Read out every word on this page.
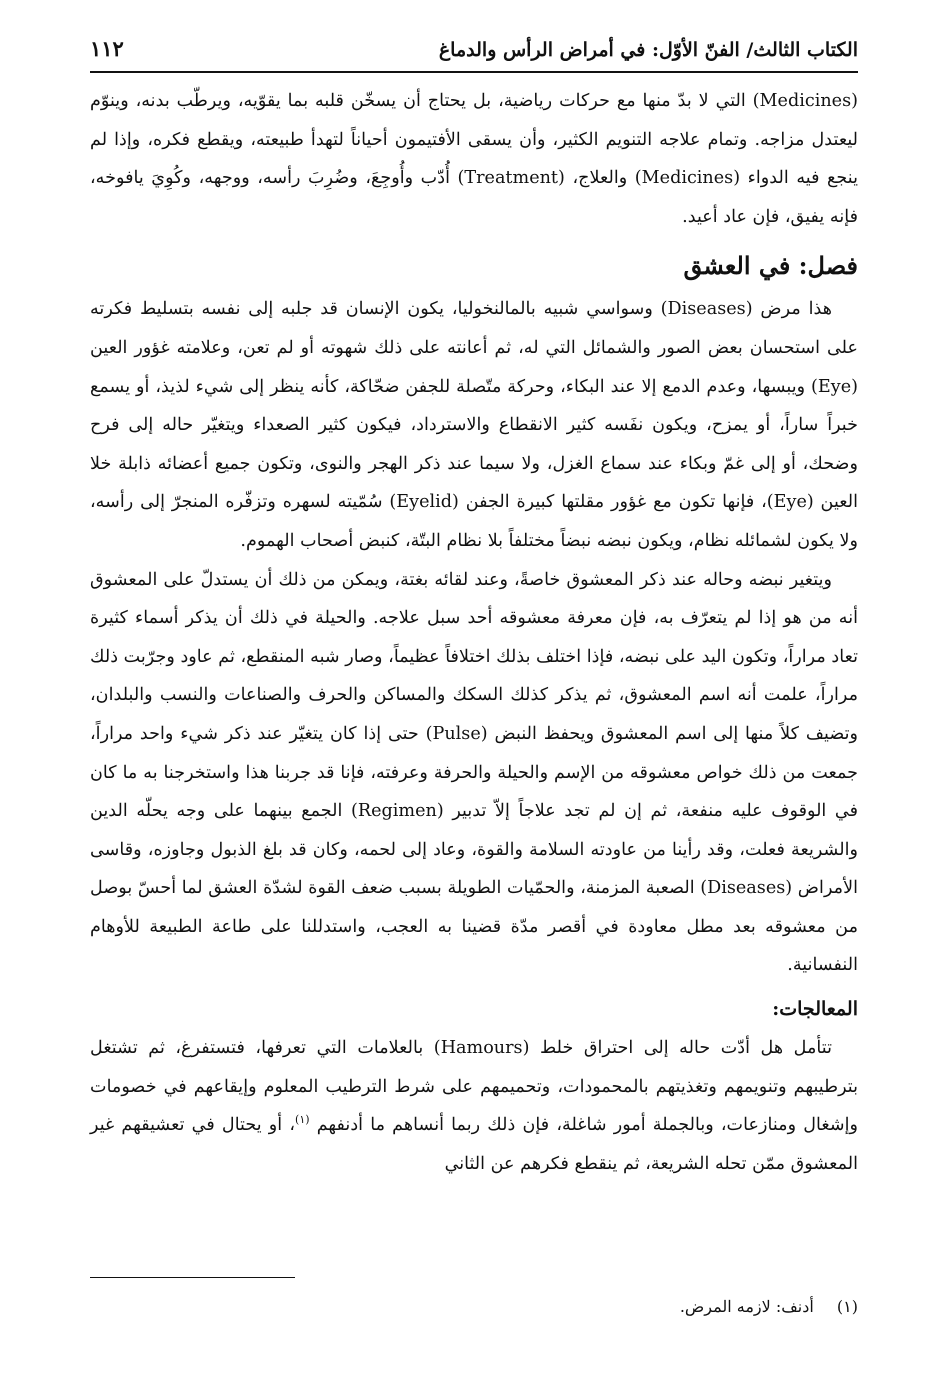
الكتاب الثالث/ الفنّ الأوّل: في أمراض الرأس والدماغ
١١٢

(Medicines) التي لا بدّ منها مع حركات رياضية، بل يحتاج أن يسخّن قلبه بما يقوّيه، ويرطّب بدنه، وينوّم ليعتدل مزاجه. وتمام علاجه التنويم الكثير، وأن يسقى الأفتيمون أحياناً لتهدأ طبيعته، ويقطع فكره، وإذا لم ينجع فيه الدواء (Medicines) والعلاج، (Treatment) أُدّب وأُوجِعَ، وضُرِبَ رأسه، ووجهه، وكُوِيَ يافوخه، فإنه يفيق، فإن عاد أعيد.

فصل: في العشق

هذا مرض (Diseases) وسواسي شبيه بالمالنخوليا، يكون الإنسان قد جلبه إلى نفسه بتسليط فكرته على استحسان بعض الصور والشمائل التي له، ثم أعانته على ذلك شهوته أو لم تعن، وعلامته غؤور العين (Eye) ويبسها، وعدم الدمع إلا عند البكاء، وحركة متّصلة للجفن ضحّاكة، كأنه ينظر إلى شيء لذيذ، أو يسمع خبراً ساراً، أو يمزح، ويكون نفَسه كثير الانقطاع والاسترداد، فيكون كثير الصعداء ويتغيّر حاله إلى فرح وضحك، أو إلى غمّ وبكاء عند سماع الغزل، ولا سيما عند ذكر الهجر والنوى، وتكون جميع أعضائه ذابلة خلا العين (Eye)، فإنها تكون مع غؤور مقلتها كبيرة الجفن (Eyelid) سُمّيته لسهره وتزفّره المنجرّ إلى رأسه، ولا يكون لشمائله نظام، ويكون نبضه نبضاً مختلفاً بلا نظام البتّة، كنبض أصحاب الهموم.

ويتغير نبضه وحاله عند ذكر المعشوق خاصةً، وعند لقائه بغتة، ويمكن من ذلك أن يستدلّ على المعشوق أنه من هو إذا لم يتعرّف به، فإن معرفة معشوقه أحد سبل علاجه. والحيلة في ذلك أن يذكر أسماء كثيرة تعاد مراراً، وتكون اليد على نبضه، فإذا اختلف بذلك اختلافاً عظيماً، وصار شبه المنقطع، ثم عاود وجرّبت ذلك مراراً، علمت أنه اسم المعشوق، ثم يذكر كذلك السكك والمساكن والحرف والصناعات والنسب والبلدان، وتضيف كلاً منها إلى اسم المعشوق ويحفظ النبض (Pulse) حتى إذا كان يتغيّر عند ذكر شيء واحد مراراً، جمعت من ذلك خواص معشوقه من الإسم والحيلة والحرفة وعرفته، فإنا قد جربنا هذا واستخرجنا به ما كان في الوقوف عليه منفعة، ثم إن لم تجد علاجاً إلاّ تدبير (Regimen) الجمع بينهما على وجه يحلّه الدين والشريعة فعلت، وقد رأينا من عاودته السلامة والقوة، وعاد إلى لحمه، وكان قد بلغ الذبول وجاوزه، وقاسى الأمراض (Diseases) الصعبة المزمنة، والحمّيات الطويلة بسبب ضعف القوة لشدّة العشق لما أحسّ بوصل من معشوقه بعد مطل معاودة في أقصر مدّة قضينا به العجب، واستدللنا على طاعة الطبيعة للأوهام النفسانية.

المعالجات:

تتأمل هل أدّت حاله إلى احتراق خلط (Hamours) بالعلامات التي تعرفها، فتستفرغ، ثم تشتغل بترطيبهم وتنويمهم وتغذيتهم بالمحمودات، وتحميمهم على شرط الترطيب المعلوم وإيقاعهم في خصومات وإشغال ومنازعات، وبالجملة أمور شاغلة، فإن ذلك ربما أنساهم ما أدنفهم $^{(١)}$، أو يحتال في تعشيقهم غير المعشوق ممّن تحله الشريعة، ثم ينقطع فكرهم عن الثاني

(١) أدنف: لازمه المرض.
